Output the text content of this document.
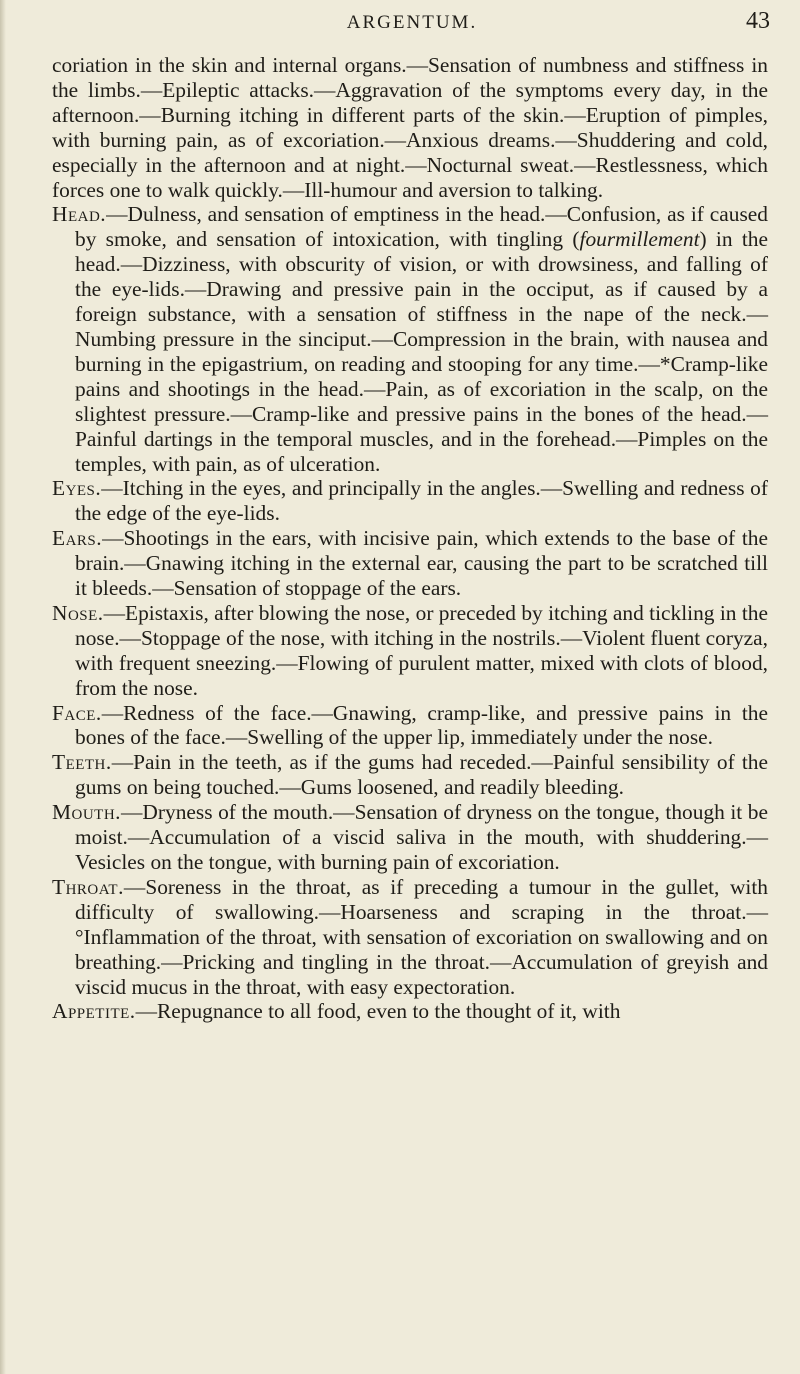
ARGENTUM.	43

coriation in the skin and internal organs.—Sensation of numbness and stiffness in the limbs.—Epileptic attacks.—Aggravation of the symptoms every day, in the afternoon.—Burning itching in different parts of the skin.—Eruption of pimples, with burning pain, as of excoriation.—Anxious dreams.—Shuddering and cold, especially in the afternoon and at night.—Nocturnal sweat.—Restlessness, which forces one to walk quickly.—Ill-humour and aversion to talking.

Head.—Dulness, and sensation of emptiness in the head.—Confusion, as if caused by smoke, and sensation of intoxication, with tingling (fourmillement) in the head.—Dizziness, with obscurity of vision, or with drowsiness, and falling of the eye-lids.—Drawing and pressive pain in the occiput, as if caused by a foreign substance, with a sensation of stiffness in the nape of the neck.—Numbing pressure in the sinciput.—Compression in the brain, with nausea and burning in the epigastrium, on reading and stooping for any time.—*Cramp-like pains and shootings in the head.—Pain, as of excoriation in the scalp, on the slightest pressure.—Cramp-like and pressive pains in the bones of the head.—Painful dartings in the temporal muscles, and in the forehead.—Pimples on the temples, with pain, as of ulceration.

Eyes.—Itching in the eyes, and principally in the angles.—Swelling and redness of the edge of the eye-lids.

Ears.—Shootings in the ears, with incisive pain, which extends to the base of the brain.—Gnawing itching in the external ear, causing the part to be scratched till it bleeds.—Sensation of stoppage of the ears.

Nose.—Epistaxis, after blowing the nose, or preceded by itching and tickling in the nose.—Stoppage of the nose, with itching in the nostrils.—Violent fluent coryza, with frequent sneezing.—Flowing of purulent matter, mixed with clots of blood, from the nose.

Face.—Redness of the face.—Gnawing, cramp-like, and pressive pains in the bones of the face.—Swelling of the upper lip, immediately under the nose.

Teeth.—Pain in the teeth, as if the gums had receded.—Painful sensibility of the gums on being touched.—Gums loosened, and readily bleeding.

Mouth.—Dryness of the mouth.—Sensation of dryness on the tongue, though it be moist.—Accumulation of a viscid saliva in the mouth, with shuddering.—Vesicles on the tongue, with burning pain of excoriation.

Throat.—Soreness in the throat, as if preceding a tumour in the gullet, with difficulty of swallowing.—Hoarseness and scraping in the throat.—°Inflammation of the throat, with sensation of excoriation on swallowing and on breathing.—Pricking and tingling in the throat.—Accumulation of greyish and viscid mucus in the throat, with easy expectoration.

Appetite.—Repugnance to all food, even to the thought of it, with
